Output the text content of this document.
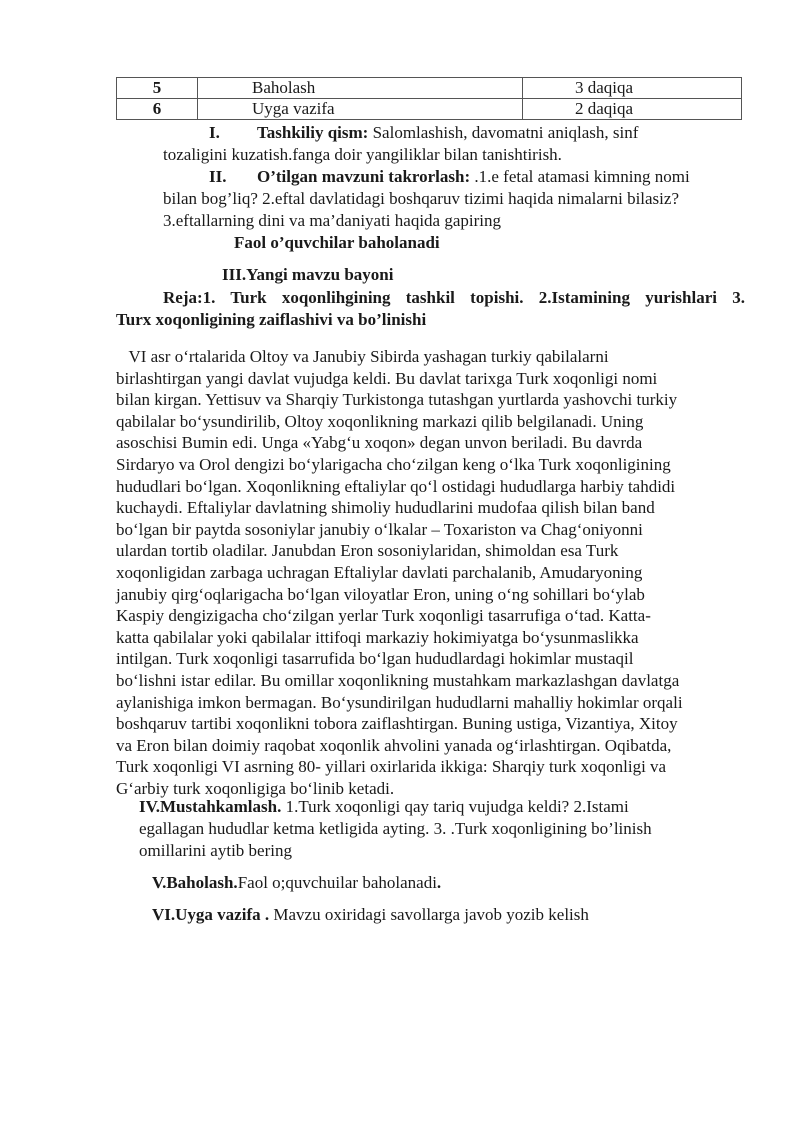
5	Baholash	3 daqiqa
6	Uyga vazifa	2 daqiqa
I. Tashkiliy qism: Salomlashish, davomatni aniqlash, sinf
tozaligini kuzatish.fanga doir yangiliklar bilan tanishtirish.
II. O’tilgan mavzuni takrorlash: .1.e fetal atamasi kimning nomi
bilan bog’liq? 2.eftal davlatidagi boshqaruv tizimi haqida nimalarni bilasiz?
3.eftallarning dini va ma’daniyati haqida gapiring
Faol o’quvchilar baholanadi
III.Yangi mavzu bayoni
Reja:1. Turk xoqonlihgining tashkil topishi. 2.Istamining yurishlari 3.
Turx xoqonligining zaiflashivi va bo’linishi
VI asr o‘rtalarida Oltoy va Janubiy Sibirda yashagan turkiy qabilalarni
birlashtirgan yangi davlat vujudga keldi. Bu davlat tarixga Turk xoqonligi nomi
bilan kirgan. Yettisuv va Sharqiy Turkistonga tutashgan yurtlarda yashovchi turkiy
qabilalar bo‘ysundirilib, Oltoy xoqonlikning markazi qilib belgilanadi. Uning
asoschisi Bumin edi. Unga «Yabg‘u xoqon» degan unvon beriladi. Bu davrda
Sirdaryo va Orol dengizi bo‘ylarigacha cho‘zilgan keng o‘lka Turk xoqonligining
hududlari bo‘lgan. Xoqonlikning eftaliylar qo‘l ostidagi hududlarga harbiy tahdidi
kuchaydi. Eftaliylar davlatning shimoliy hududlarini mudofaa qilish bilan band
bo‘lgan bir paytda sosoniylar janubiy o‘lkalar – Toxariston va Chag‘oniyonni
ulardan tortib oladilar. Janubdan Eron sosoniylaridan, shimoldan esa Turk
xoqonligidan zarbaga uchragan Eftaliylar davlati parchalanib, Amudaryoning
janubiy qirg‘oqlarigacha bo‘lgan viloyatlar Eron, uning o‘ng sohillari bo‘ylab
Kaspiy dengizigacha cho‘zilgan yerlar Turk xoqonligi tasarrufiga o‘tad. Katta-
katta qabilalar yoki qabilalar ittifoqi markaziy hokimiyatga bo‘ysunmaslikka
intilgan. Turk xoqonligi tasarrufida bo‘lgan hududlardagi hokimlar mustaqil
bo‘lishni istar edilar. Bu omillar xoqonlikning mustahkam markazlashgan davlatga
aylanishiga imkon bermagan. Bo‘ysundirilgan hududlarni mahalliy hokimlar orqali
boshqaruv tartibi xoqonlikni tobora zaiflashtirgan. Buning ustiga, Vizantiya, Xitoy
va Eron bilan doimiy raqobat xoqonlik ahvolini yanada og‘irlashtirgan. Oqibatda,
Turk xoqonligi VI asrning 80- yillari oxirlarida ikkiga: Sharqiy turk xoqonligi va
G‘arbiy turk xoqonligiga bo‘linib ketadi.
IV.Mustahkamlash. 1.Turk xoqonligi qay tariq vujudga keldi? 2.Istami
egallagan hududlar ketma ketligida ayting. 3. .Turk xoqonligining bo’linish
omillarini aytib bering
V.Baholash.Faol o;quvchuilar baholanadi.
VI.Uyga vazifa . Mavzu oxiridagi savollarga javob yozib kelish
